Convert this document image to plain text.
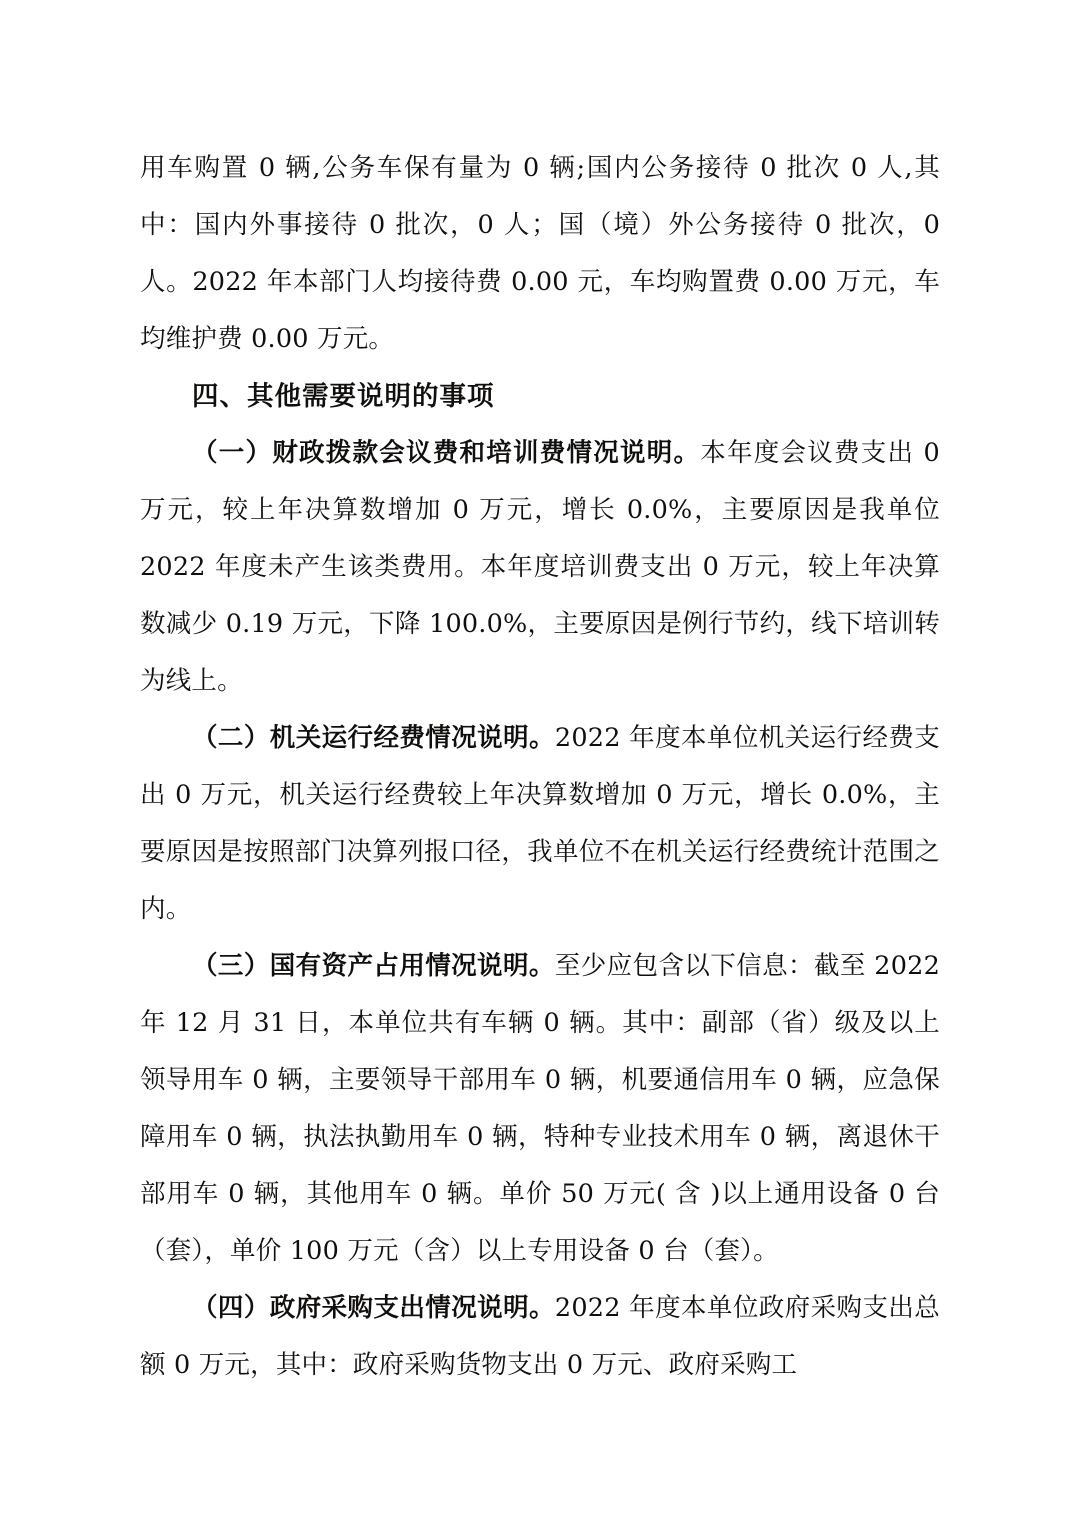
用车购置 0 辆,公务车保有量为 0 辆;国内公务接待 0 批次 0 人,其中：国内外事接待 0 批次，0 人；国（境）外公务接待 0 批次，0 人。2022 年本部门人均接待费 0.00 元，车均购置费 0.00 万元，车均维护费 0.00 万元。

四、其他需要说明的事项

（一）财政拨款会议费和培训费情况说明。本年度会议费支出 0 万元，较上年决算数增加 0 万元，增长 0.0%，主要原因是我单位 2022 年度未产生该类费用。本年度培训费支出 0 万元，较上年决算数减少 0.19 万元，下降 100.0%，主要原因是例行节约，线下培训转为线上。

（二）机关运行经费情况说明。2022 年度本单位机关运行经费支出 0 万元，机关运行经费较上年决算数增加 0 万元，增长 0.0%，主要原因是按照部门决算列报口径，我单位不在机关运行经费统计范围之内。

（三）国有资产占用情况说明。至少应包含以下信息：截至 2022 年 12 月 31 日，本单位共有车辆 0 辆。其中：副部（省）级及以上领导用车 0 辆，主要领导干部用车 0 辆，机要通信用车 0 辆，应急保障用车 0 辆，执法执勤用车 0 辆，特种专业技术用车 0 辆，离退休干部用车 0 辆，其他用车 0 辆。单价 50 万元( 含 )以上通用设备 0 台（套），单价 100 万元（含）以上专用设备 0 台（套）。

（四）政府采购支出情况说明。2022 年度本单位政府采购支出总额 0 万元，其中：政府采购货物支出 0 万元、政府采购工
